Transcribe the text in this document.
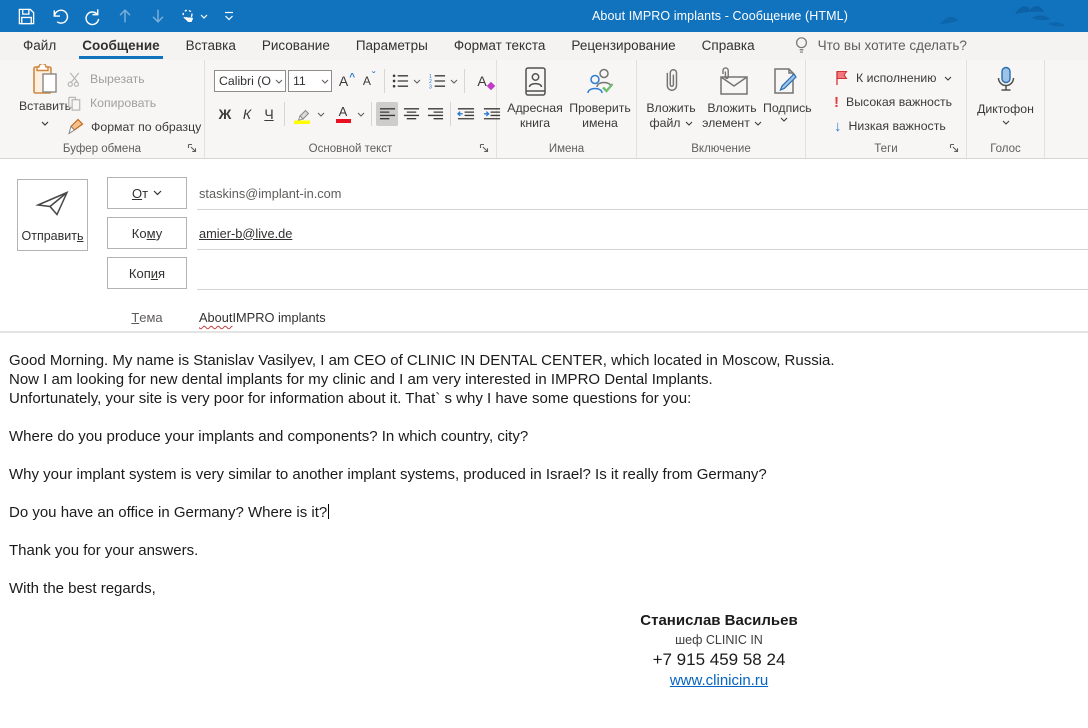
About IMPRO implants - Сообщение (HTML)
Файл	Сообщение	Вставка	Рисование	Параметры	Формат текста	Рецензирование	Справка	Что вы хотите сделать?
Вставить
Вырезать
Копировать
Формат по образцу
Буфер обмена
Calibri (О	11	А ^ А ˇ	1
2
3	A
Ж К Ч	А
Основной текст
Адресная
книга
Проверить
имена
Имена
Вложить
файл
Вложить
элемент
Подпись
Включение
К исполнению
! Высокая важность
↓ Низкая важность
Теги
Диктофон
Голос
Отправить
От	staskins@implant-in.com
Кому	amier-b@live.de
Копия
Т ема	About IMPRO implants
Good Morning. My name is Stanislav Vasilyev, I am CEO of CLINIC IN DENTAL CENTER, which located in Moscow, Russia.
Now I am looking for new dental implants for my clinic and I am very interested in IMPRO Dental Implants.
Unfortunately, your site is very poor for information about it. That` s why I have some questions for you:
Where do you produce your implants and components? In which country, city?
Why your implant system is very similar to another implant systems, produced in Israel? Is it really from Germany?
Do you have an office in Germany? Where is it?
Thank you for your answers.
With the best regards,
Станислав Васильев
шеф CLINIC IN
+7 915 459 58 24
www.clinicin.ru
